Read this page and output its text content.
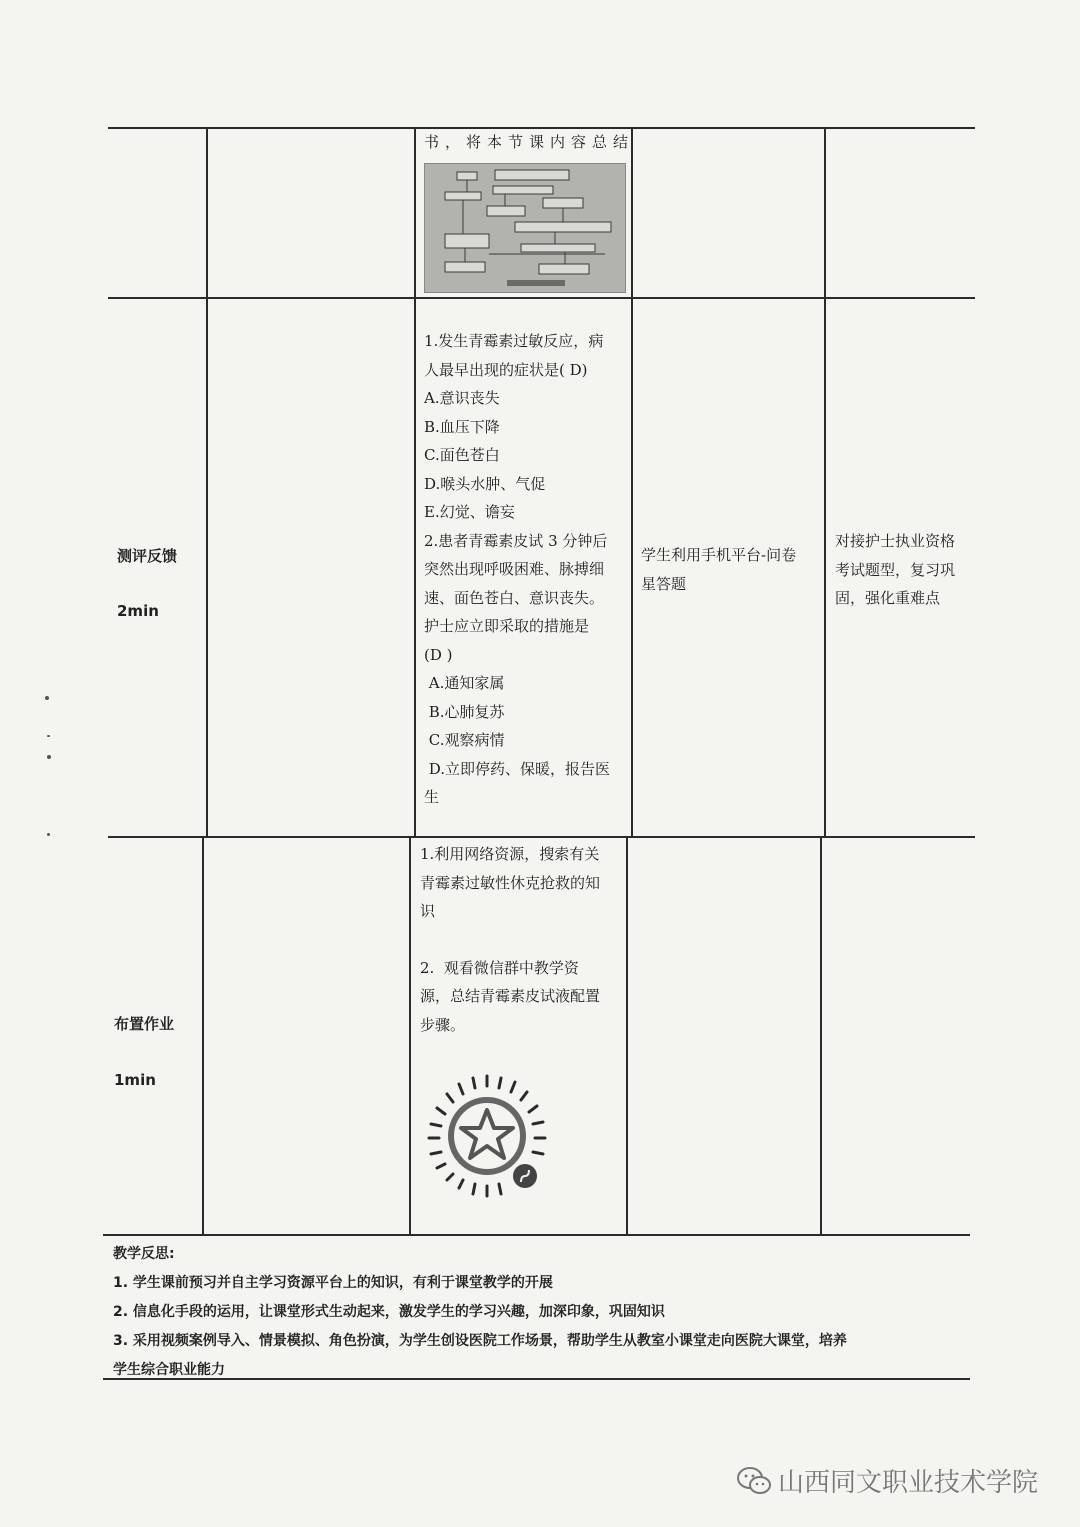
书，将本节课内容总结
测评反馈
2min
1.发生青霉素过敏反应，病
人最早出现的症状是( D)
A.意识丧失
B.血压下降
C.面色苍白
D.喉头水肿、气促
E.幻觉、谵妄
2.患者青霉素皮试 3 分钟后
突然出现呼吸困难、脉搏细
速、面色苍白、意识丧失。
护士应立即采取的措施是
(D )
A.通知家属
B.心肺复苏
C.观察病情
D.立即停药、保暖，报告医
生
学生利用手机平台-问卷
星答题
对接护士执业资格
考试题型，复习巩
固，强化重难点
布置作业
1min
1.利用网络资源，搜索有关
青霉素过敏性休克抢救的知
识
2.  观看微信群中教学资
源，总结青霉素皮试液配置
步骤。
教学反思:
1. 学生课前预习并自主学习资源平台上的知识，有利于课堂教学的开展
2. 信息化手段的运用，让课堂形式生动起来，激发学生的学习兴趣，加深印象，巩固知识
3. 采用视频案例导入、情景模拟、角色扮演，为学生创设医院工作场景，帮助学生从教室小课堂走向医院大课堂，培养
学生综合职业能力
山西同文职业技术学院
